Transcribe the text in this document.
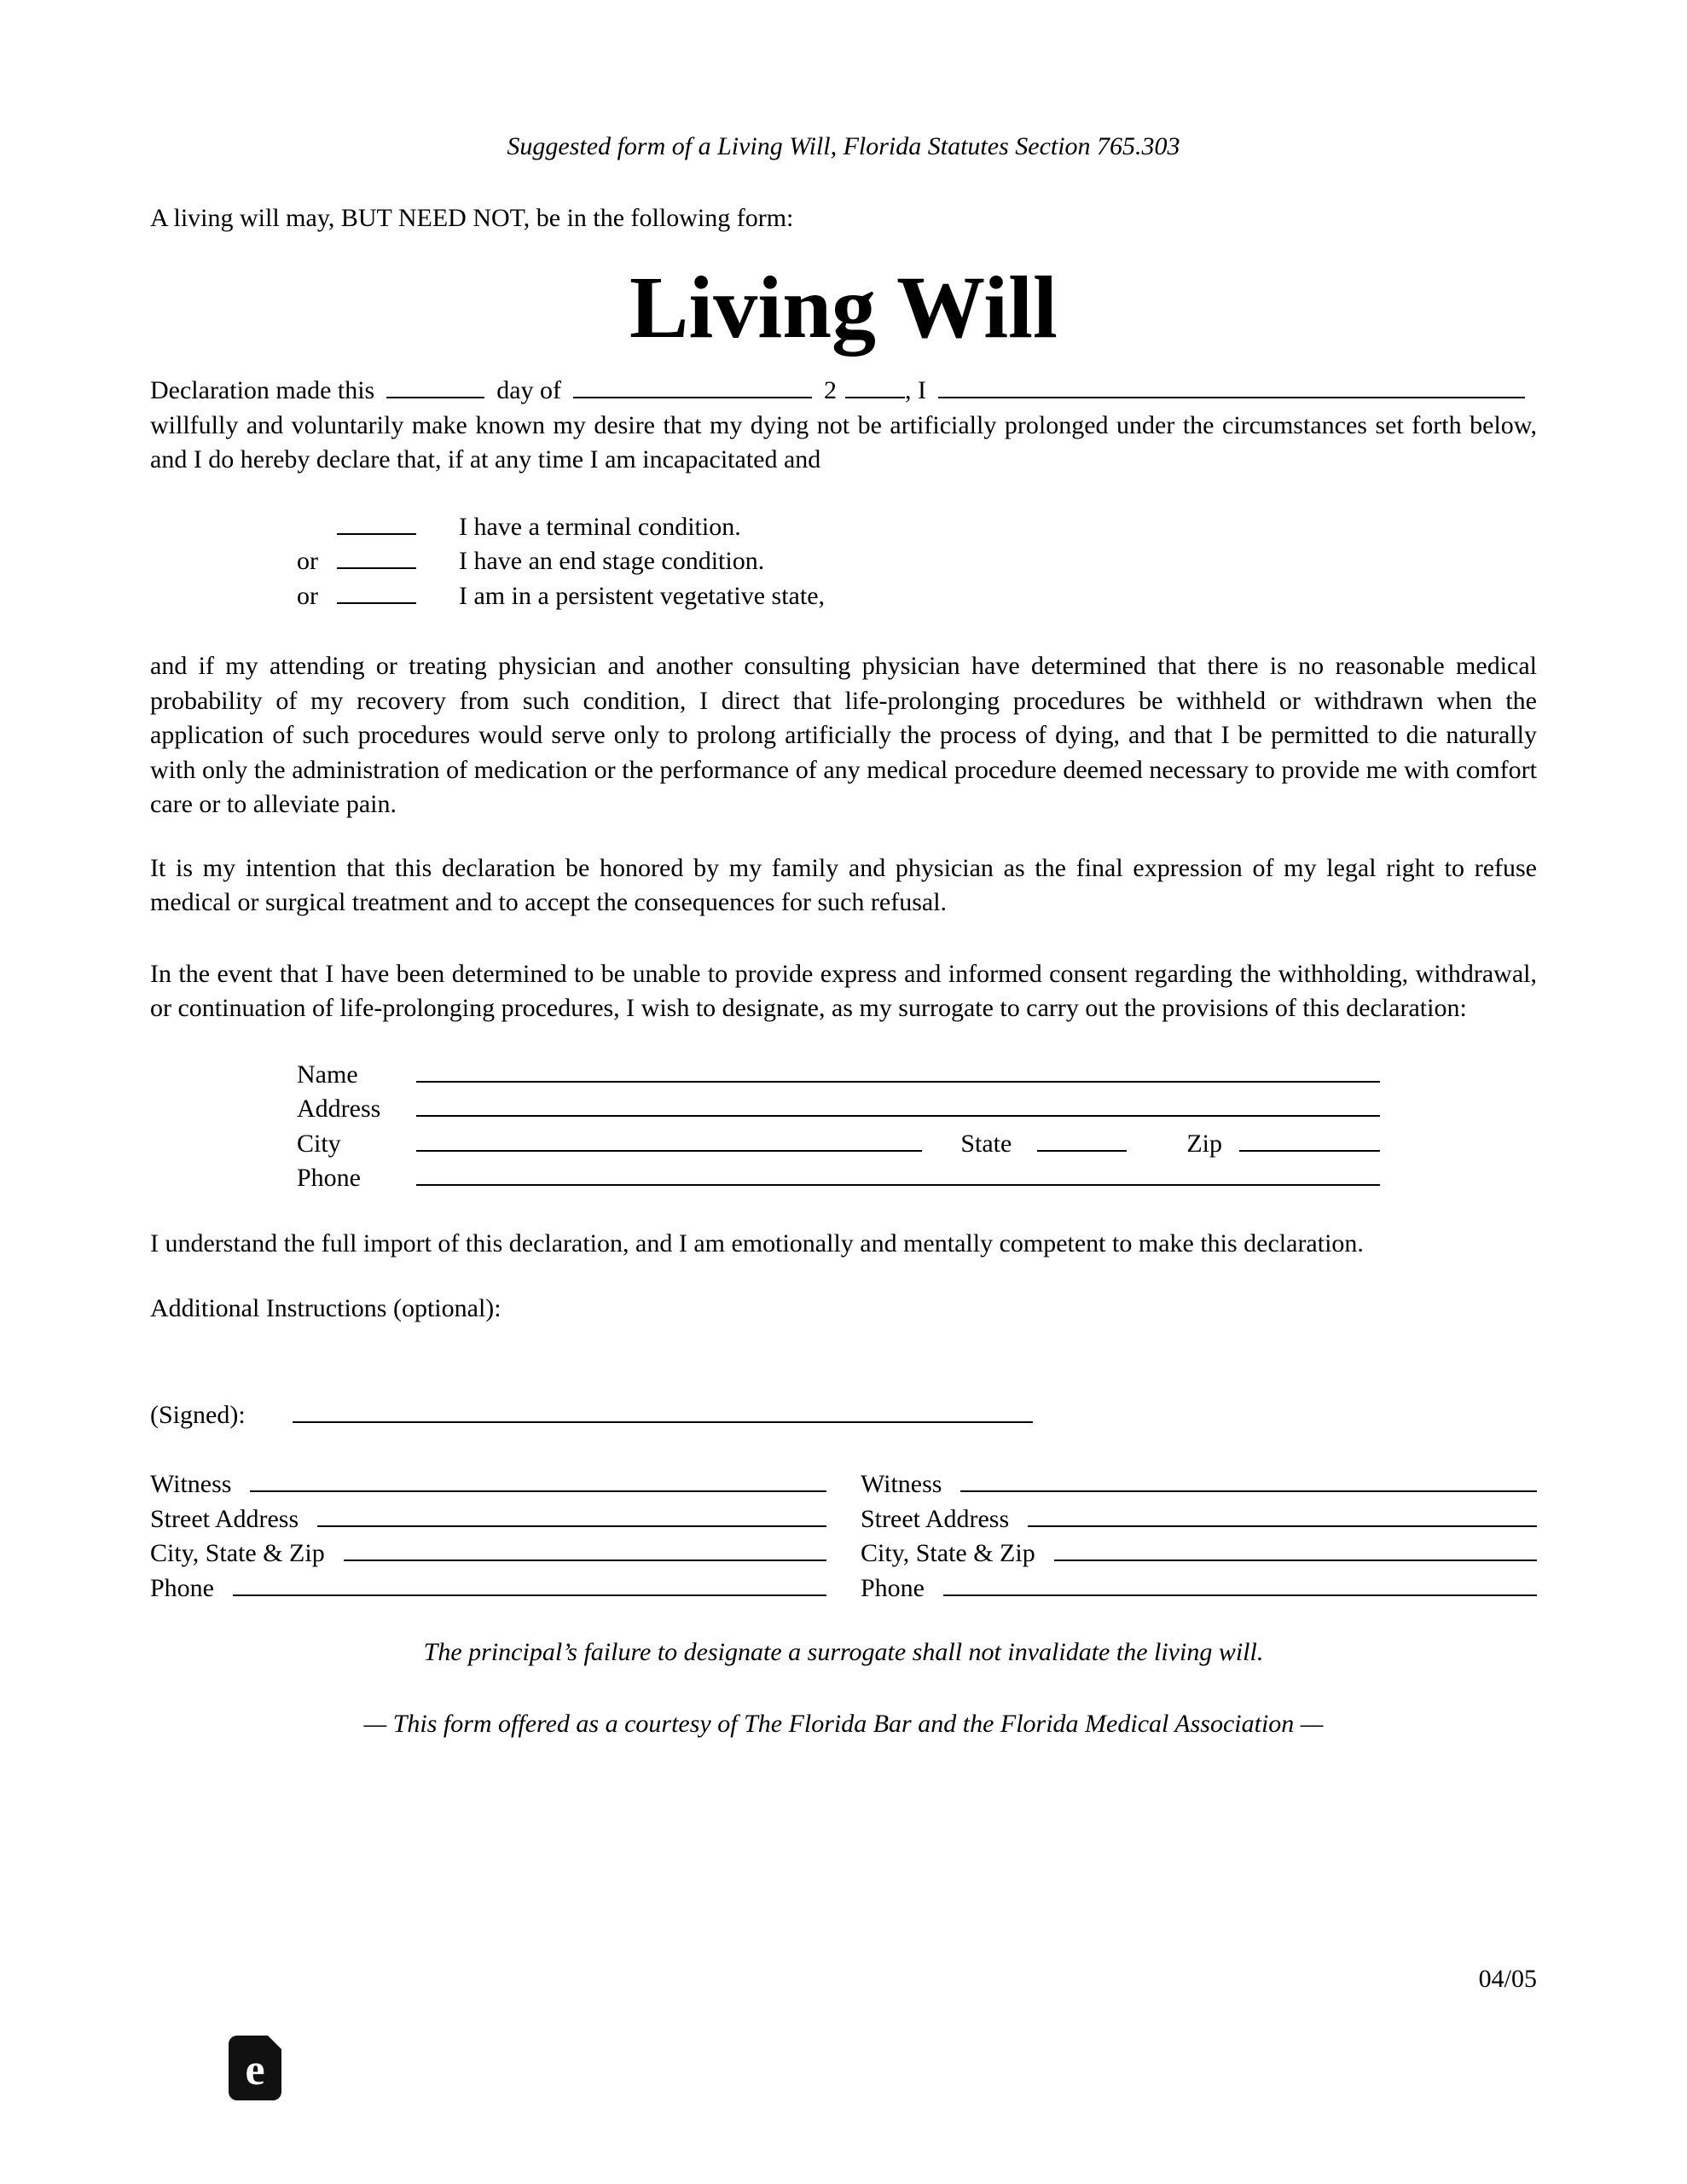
Suggested form of a Living Will, Florida Statutes Section 765.303
A living will may, BUT NEED NOT, be in the following form:
Living Will
Declaration made this	day of	2	, I
willfully and voluntarily make known my desire that my dying not be artificially prolonged under the circumstances set forth below, and I do hereby declare that, if at any time I am incapacitated and
I have a terminal condition.
or	I have an end stage condition.
or	I am in a persistent vegetative state,
and if my attending or treating physician and another consulting physician have determined that there is no reasonable medical probability of my recovery from such condition, I direct that life-prolonging procedures be withheld or withdrawn when the application of such procedures would serve only to prolong artificially the process of dying, and that I be permitted to die naturally with only the administration of medication or the performance of any medical procedure deemed necessary to provide me with comfort care or to alleviate pain.
It is my intention that this declaration be honored by my family and physician as the final expression of my legal right to refuse medical or surgical treatment and to accept the consequences for such refusal.
In the event that I have been determined to be unable to provide express and informed consent regarding the withholding, withdrawal, or continuation of life-prolonging procedures, I wish to designate, as my surrogate to carry out the provisions of this declaration:
Name
Address
City	State	Zip
Phone
I understand the full import of this declaration, and I am emotionally and mentally competent to make this declaration.
Additional Instructions (optional):
(Signed):
Witness
Street Address
City, State & Zip
Phone
Witness
Street Address
City, State & Zip
Phone
The principal’s failure to designate a surrogate shall not invalidate the living will.
— This form offered as a courtesy of The Florida Bar and the Florida Medical Association —
04/05
e
